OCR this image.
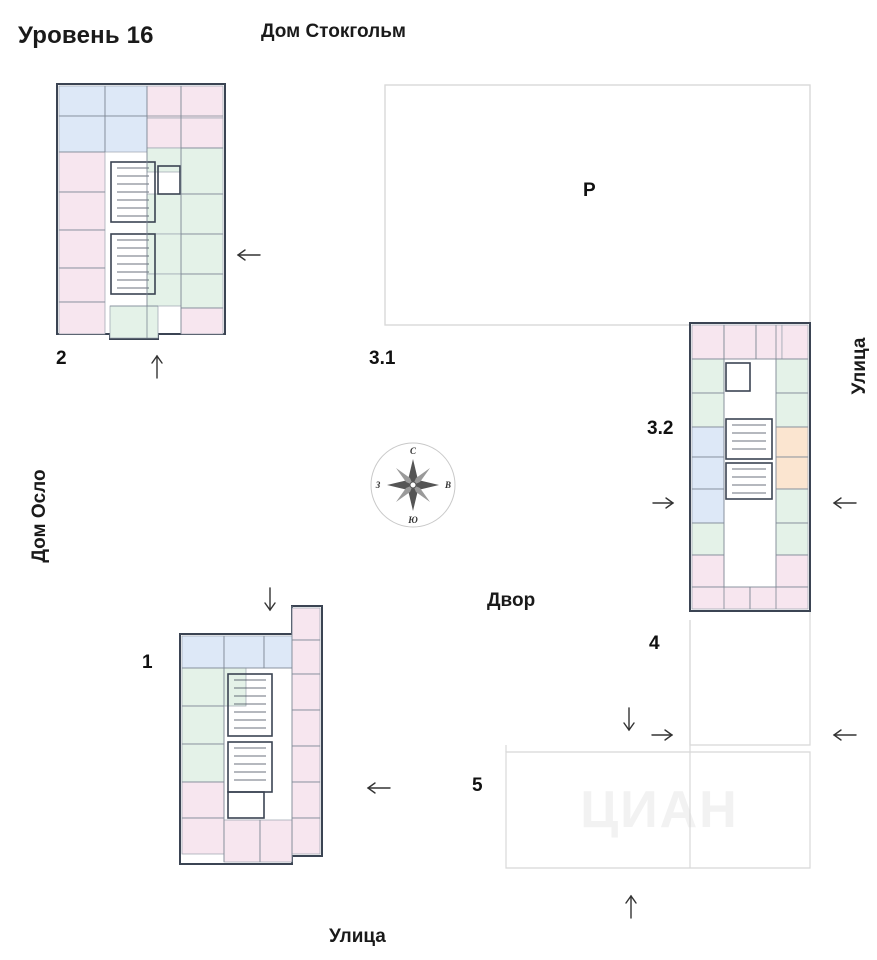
Уровень 16	Дом Стокгольм
Дом Осло
Улица
Улица
Двор
Р
2
1
3.1
3.2
4
5	ЦИАН
С
Ю
З	В
